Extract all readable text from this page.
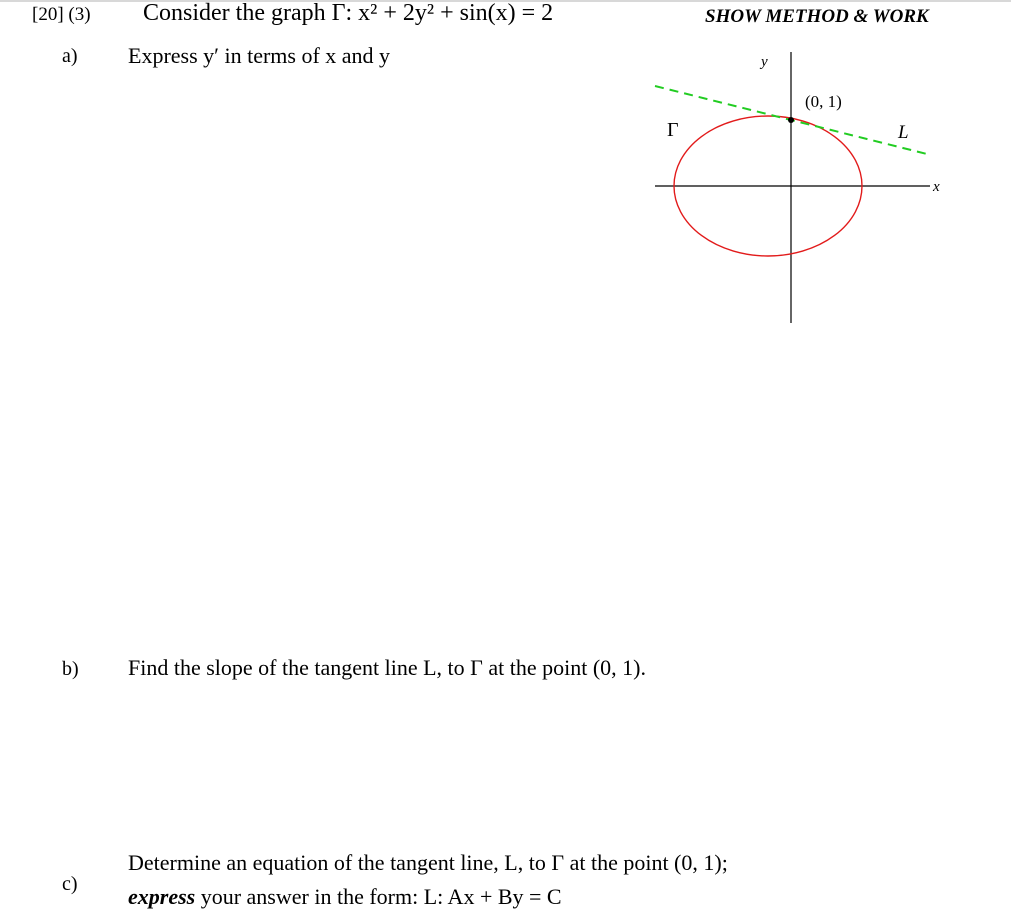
[20] (3) Consider the graph Γ: x² + 2y² + sin(x) = 2	SHOW METHOD & WORK
a) Express y′ in terms of x and y
b) Find the slope of the tangent line L, to Γ at the point (0, 1).
c)
Determine an equation of the tangent line, L, to Γ at the point (0, 1);
express your answer in the form: L: Ax + By = C
y
x
Γ
(0, 1)
L
